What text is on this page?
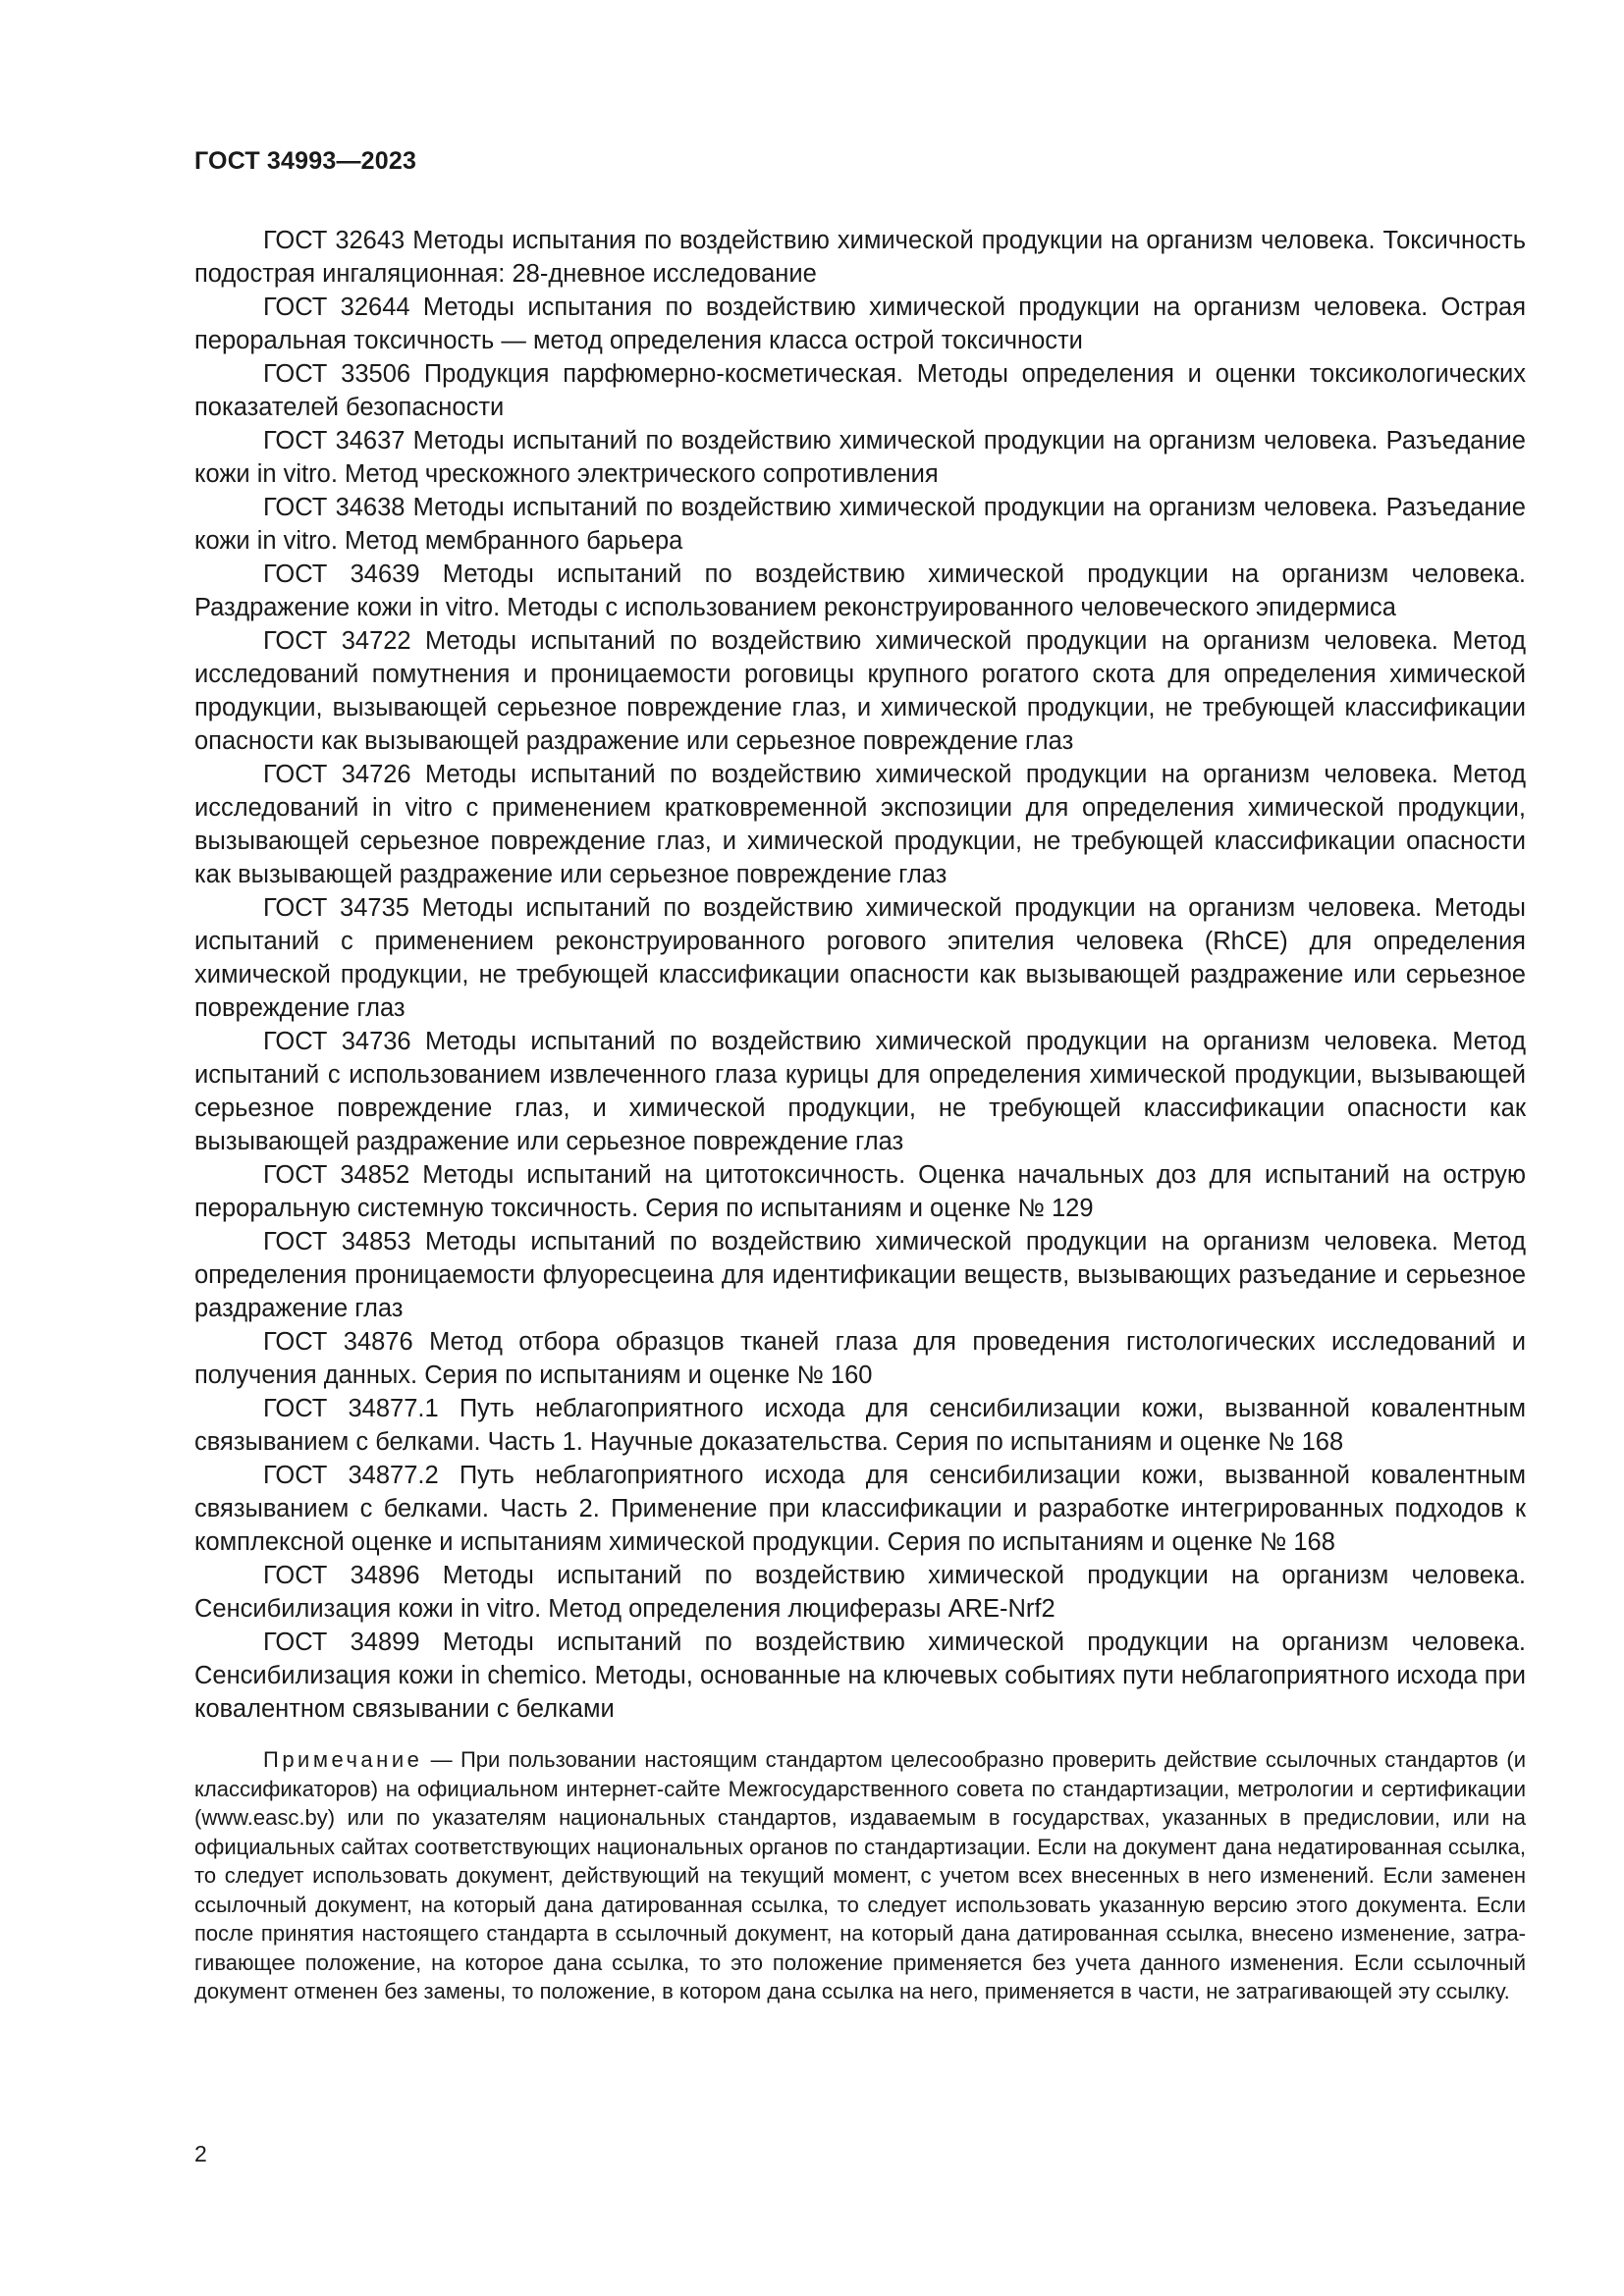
ГОСТ 34993—2023

ГОСТ 32643 Методы испытания по воздействию химической продукции на организм человека. Токсичность подострая ингаляционная: 28-дневное исследование

ГОСТ 32644 Методы испытания по воздействию химической продукции на организм человека. Острая пероральная токсичность — метод определения класса острой токсичности

ГОСТ 33506 Продукция парфюмерно-косметическая. Методы определения и оценки токсикологических показателей безопасности

ГОСТ 34637 Методы испытаний по воздействию химической продукции на организм человека. Разъедание кожи in vitro. Метод чрескожного электрического сопротивления

ГОСТ 34638 Методы испытаний по воздействию химической продукции на организм человека. Разъедание кожи in vitro. Метод мембранного барьера

ГОСТ 34639 Методы испытаний по воздействию химической продукции на организм человека. Раздражение кожи in vitro. Методы с использованием реконструированного человеческого эпидермиса

ГОСТ 34722 Методы испытаний по воздействию химической продукции на организм человека. Метод исследований помутнения и проницаемости роговицы крупного рогатого скота для определения химической продукции, вызывающей серьезное повреждение глаз, и химической продукции, не требующей классификации опасности как вызывающей раздражение или серьезное повреждение глаз

ГОСТ 34726 Методы испытаний по воздействию химической продукции на организм человека. Метод исследований in vitro с применением кратковременной экспозиции для определения химической продукции, вызывающей серьезное повреждение глаз, и химической продукции, не требующей классификации опасности как вызывающей раздражение или серьезное повреждение глаз

ГОСТ 34735 Методы испытаний по воздействию химической продукции на организм человека. Методы испытаний с применением реконструированного рогового эпителия человека (RhCE) для определения химической продукции, не требующей классификации опасности как вызывающей раздражение или серьезное повреждение глаз

ГОСТ 34736 Методы испытаний по воздействию химической продукции на организм человека. Метод испытаний с использованием извлеченного глаза курицы для определения химической продукции, вызывающей серьезное повреждение глаз, и химической продукции, не требующей классификации опасности как вызывающей раздражение или серьезное повреждение глаз

ГОСТ 34852 Методы испытаний на цитотоксичность. Оценка начальных доз для испытаний на острую пероральную системную токсичность. Серия по испытаниям и оценке № 129

ГОСТ 34853 Методы испытаний по воздействию химической продукции на организм человека. Метод определения проницаемости флуоресцеина для идентификации веществ, вызывающих разъедание и серьезное раздражение глаз

ГОСТ 34876 Метод отбора образцов тканей глаза для проведения гистологических исследований и получения данных. Серия по испытаниям и оценке № 160

ГОСТ 34877.1 Путь неблагоприятного исхода для сенсибилизации кожи, вызванной ковалентным связыванием с белками. Часть 1. Научные доказательства. Серия по испытаниям и оценке № 168

ГОСТ 34877.2 Путь неблагоприятного исхода для сенсибилизации кожи, вызванной ковалентным связыванием с белками. Часть 2. Применение при классификации и разработке интегрированных подходов к комплексной оценке и испытаниям химической продукции. Серия по испытаниям и оценке № 168

ГОСТ 34896 Методы испытаний по воздействию химической продукции на организм человека. Сенсибилизация кожи in vitro. Метод определения люциферазы ARE-Nrf2

ГОСТ 34899 Методы испытаний по воздействию химической продукции на организм человека. Сенсибилизация кожи in chemico. Методы, основанные на ключевых событиях пути неблагоприятного исхода при ковалентном связывании с белками

Примечание — При пользовании настоящим стандартом целесообразно проверить действие ссылочных стандартов (и классификаторов) на официальном интернет-сайте Межгосударственного совета по стандартизации, метрологии и сертификации (www.easc.by) или по указателям национальных стандартов, издаваемым в государствах, указанных в предисловии, или на официальных сайтах соответствующих национальных органов по стандартизации. Если на документ дана недатированная ссылка, то следует использовать документ, действующий на текущий момент, с учетом всех внесенных в него изменений. Если заменен ссылочный документ, на который дана датированная ссылка, то следует использовать указанную версию этого документа. Если после принятия настоящего стандарта в ссылочный документ, на который дана датированная ссылка, внесено изменение, затрагивающее положение, на которое дана ссылка, то это положение применяется без учета данного изменения. Если ссылочный документ отменен без замены, то положение, в котором дана ссылка на него, применяется в части, не затрагивающей эту ссылку.

2
